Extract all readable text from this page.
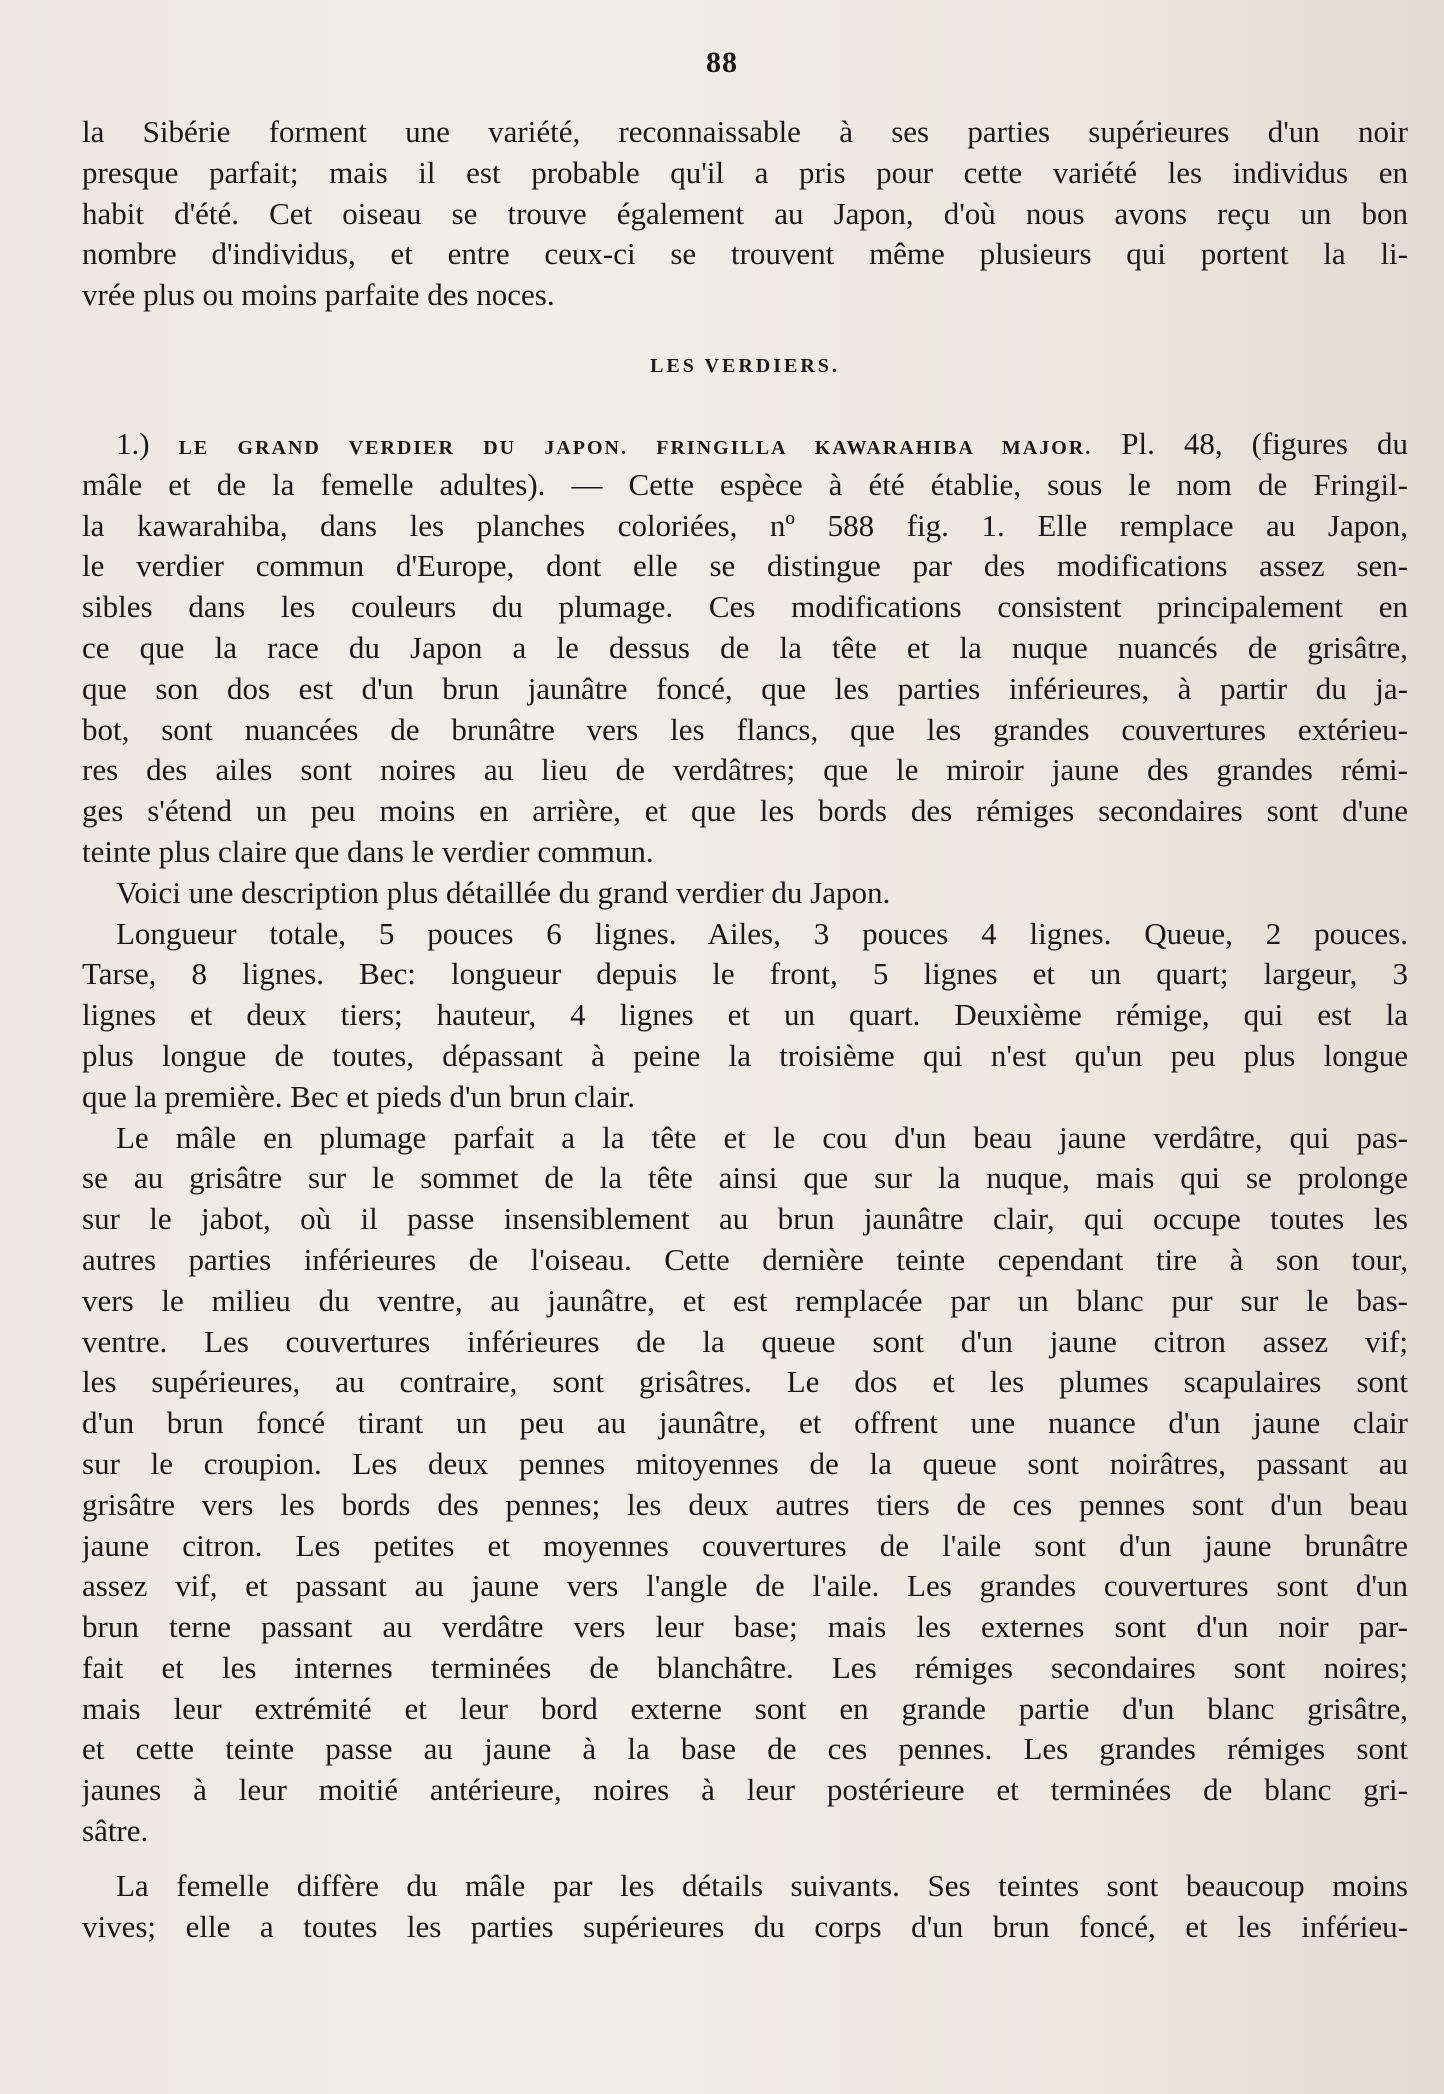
88
la Sibérie forment une variété, reconnaissable à ses parties supérieures d'un noir
presque parfait; mais il est probable qu'il a pris pour cette variété les individus en
habit d'été. Cet oiseau se trouve également au Japon, d'où nous avons reçu un bon
nombre d'individus, et entre ceux-ci se trouvent même plusieurs qui portent la li-
vrée plus ou moins parfaite des noces.
LES VERDIERS.
1.) LE GRAND VERDIER DU JAPON. FRINGILLA KAWARAHIBA MAJOR. Pl. 48, (figures du
mâle et de la femelle adultes). — Cette espèce à été établie, sous le nom de Fringil-
la kawarahiba, dans les planches coloriées, nº 588 fig. 1. Elle remplace au Japon,
le verdier commun d'Europe, dont elle se distingue par des modifications assez sen-
sibles dans les couleurs du plumage. Ces modifications consistent principalement en
ce que la race du Japon a le dessus de la tête et la nuque nuancés de grisâtre,
que son dos est d'un brun jaunâtre foncé, que les parties inférieures, à partir du ja-
bot, sont nuancées de brunâtre vers les flancs, que les grandes couvertures extérieu-
res des ailes sont noires au lieu de verdâtres; que le miroir jaune des grandes rémi-
ges s'étend un peu moins en arrière, et que les bords des rémiges secondaires sont d'une
teinte plus claire que dans le verdier commun.
Voici une description plus détaillée du grand verdier du Japon.
Longueur totale, 5 pouces 6 lignes. Ailes, 3 pouces 4 lignes. Queue, 2 pouces.
Tarse, 8 lignes. Bec: longueur depuis le front, 5 lignes et un quart; largeur, 3
lignes et deux tiers; hauteur, 4 lignes et un quart. Deuxième rémige, qui est la
plus longue de toutes, dépassant à peine la troisième qui n'est qu'un peu plus longue
que la première. Bec et pieds d'un brun clair.
Le mâle en plumage parfait a la tête et le cou d'un beau jaune verdâtre, qui pas-
se au grisâtre sur le sommet de la tête ainsi que sur la nuque, mais qui se prolonge
sur le jabot, où il passe insensiblement au brun jaunâtre clair, qui occupe toutes les
autres parties inférieures de l'oiseau. Cette dernière teinte cependant tire à son tour,
vers le milieu du ventre, au jaunâtre, et est remplacée par un blanc pur sur le bas-
ventre. Les couvertures inférieures de la queue sont d'un jaune citron assez vif;
les supérieures, au contraire, sont grisâtres. Le dos et les plumes scapulaires sont
d'un brun foncé tirant un peu au jaunâtre, et offrent une nuance d'un jaune clair
sur le croupion. Les deux pennes mitoyennes de la queue sont noirâtres, passant au
grisâtre vers les bords des pennes; les deux autres tiers de ces pennes sont d'un beau
jaune citron. Les petites et moyennes couvertures de l'aile sont d'un jaune brunâtre
assez vif, et passant au jaune vers l'angle de l'aile. Les grandes couvertures sont d'un
brun terne passant au verdâtre vers leur base; mais les externes sont d'un noir par-
fait et les internes terminées de blanchâtre. Les rémiges secondaires sont noires;
mais leur extrémité et leur bord externe sont en grande partie d'un blanc grisâtre,
et cette teinte passe au jaune à la base de ces pennes. Les grandes rémiges sont
jaunes à leur moitié antérieure, noires à leur postérieure et terminées de blanc gri-
sâtre.
La femelle diffère du mâle par les détails suivants. Ses teintes sont beaucoup moins
vives; elle a toutes les parties supérieures du corps d'un brun foncé, et les inférieu-
